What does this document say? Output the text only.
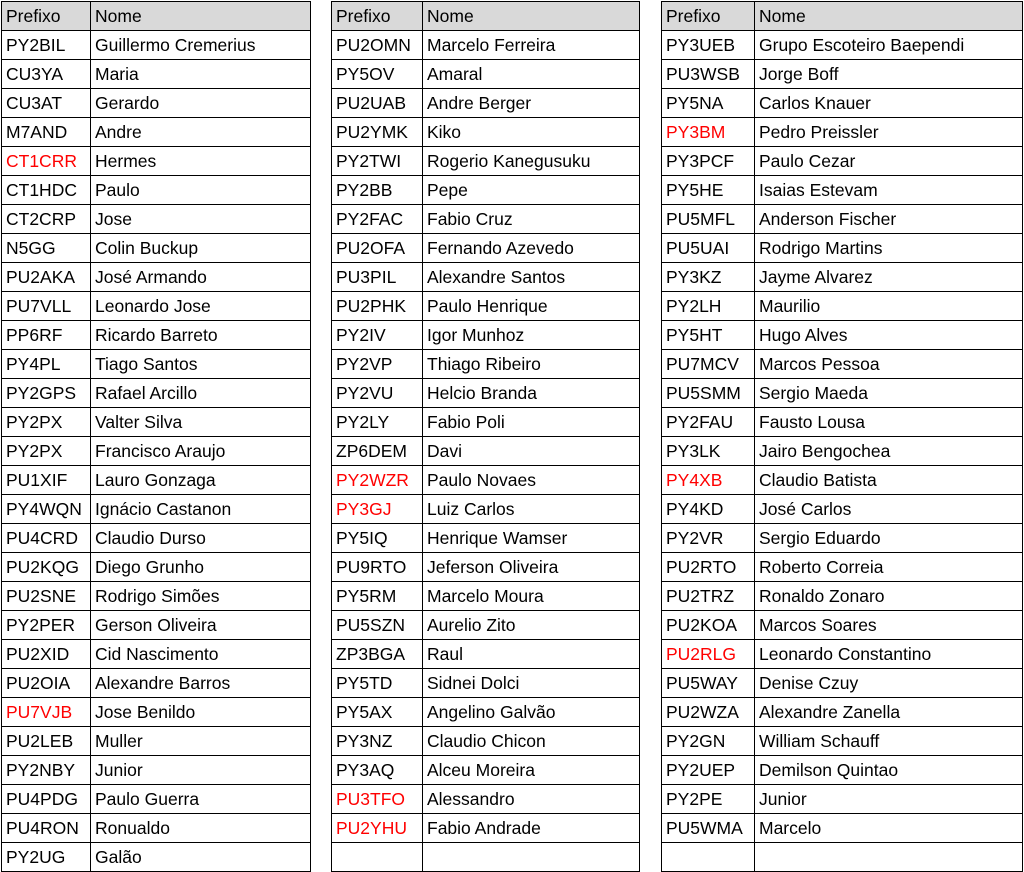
Prefixo	Nome
PY2BIL	Guillermo Cremerius
CU3YA	Maria
CU3AT	Gerardo
M7AND	Andre
CT1CRR	Hermes
CT1HDC	Paulo
CT2CRP	Jose
N5GG	Colin Buckup
PU2AKA	José Armando
PU7VLL	Leonardo Jose
PP6RF	Ricardo Barreto
PY4PL	Tiago Santos
PY2GPS	Rafael Arcillo
PY2PX	Valter Silva
PY2PX	Francisco Araujo
PU1XIF	Lauro Gonzaga
PY4WQN	Ignácio Castanon
PU4CRD	Claudio Durso
PU2KQG	Diego Grunho
PU2SNE	Rodrigo Simões
PY2PER	Gerson Oliveira
PU2XID	Cid Nascimento
PU2OIA	Alexandre Barros
PU7VJB	Jose Benildo
PU2LEB	Muller
PY2NBY	Junior
PU4PDG	Paulo Guerra
PU4RON	Ronualdo
PY2UG	Galão
Prefixo	Nome
PU2OMN	Marcelo Ferreira
PY5OV	Amaral
PU2UAB	Andre Berger
PU2YMK	Kiko
PY2TWI	Rogerio Kanegusuku
PY2BB	Pepe
PY2FAC	Fabio Cruz
PU2OFA	Fernando Azevedo
PU3PIL	Alexandre Santos
PU2PHK	Paulo Henrique
PY2IV	Igor Munhoz
PY2VP	Thiago Ribeiro
PY2VU	Helcio Branda
PY2LY	Fabio Poli
ZP6DEM	Davi
PY2WZR	Paulo Novaes
PY3GJ	Luiz Carlos
PY5IQ	Henrique Wamser
PU9RTO	Jeferson Oliveira
PY5RM	Marcelo Moura
PU5SZN	Aurelio Zito
ZP3BGA	Raul
PY5TD	Sidnei Dolci
PY5AX	Angelino Galvão
PY3NZ	Claudio Chicon
PY3AQ	Alceu Moreira
PU3TFO	Alessandro
PU2YHU	Fabio Andrade

Prefixo	Nome
PY3UEB	Grupo Escoteiro Baependi
PU3WSB	Jorge Boff
PY5NA	Carlos Knauer
PY3BM	Pedro Preissler
PY3PCF	Paulo Cezar
PY5HE	Isaias Estevam
PU5MFL	Anderson Fischer
PU5UAI	Rodrigo Martins
PY3KZ	Jayme Alvarez
PY2LH	Maurilio
PY5HT	Hugo Alves
PU7MCV	Marcos Pessoa
PU5SMM	Sergio Maeda
PY2FAU	Fausto Lousa
PY3LK	Jairo Bengochea
PY4XB	Claudio Batista
PY4KD	José Carlos
PY2VR	Sergio Eduardo
PU2RTO	Roberto Correia
PU2TRZ	Ronaldo Zonaro
PU2KOA	Marcos Soares
PU2RLG	Leonardo Constantino
PU5WAY	Denise Czuy
PU2WZA	Alexandre Zanella
PY2GN	William Schauff
PY2UEP	Demilson Quintao
PY2PE	Junior
PU5WMA	Marcelo
